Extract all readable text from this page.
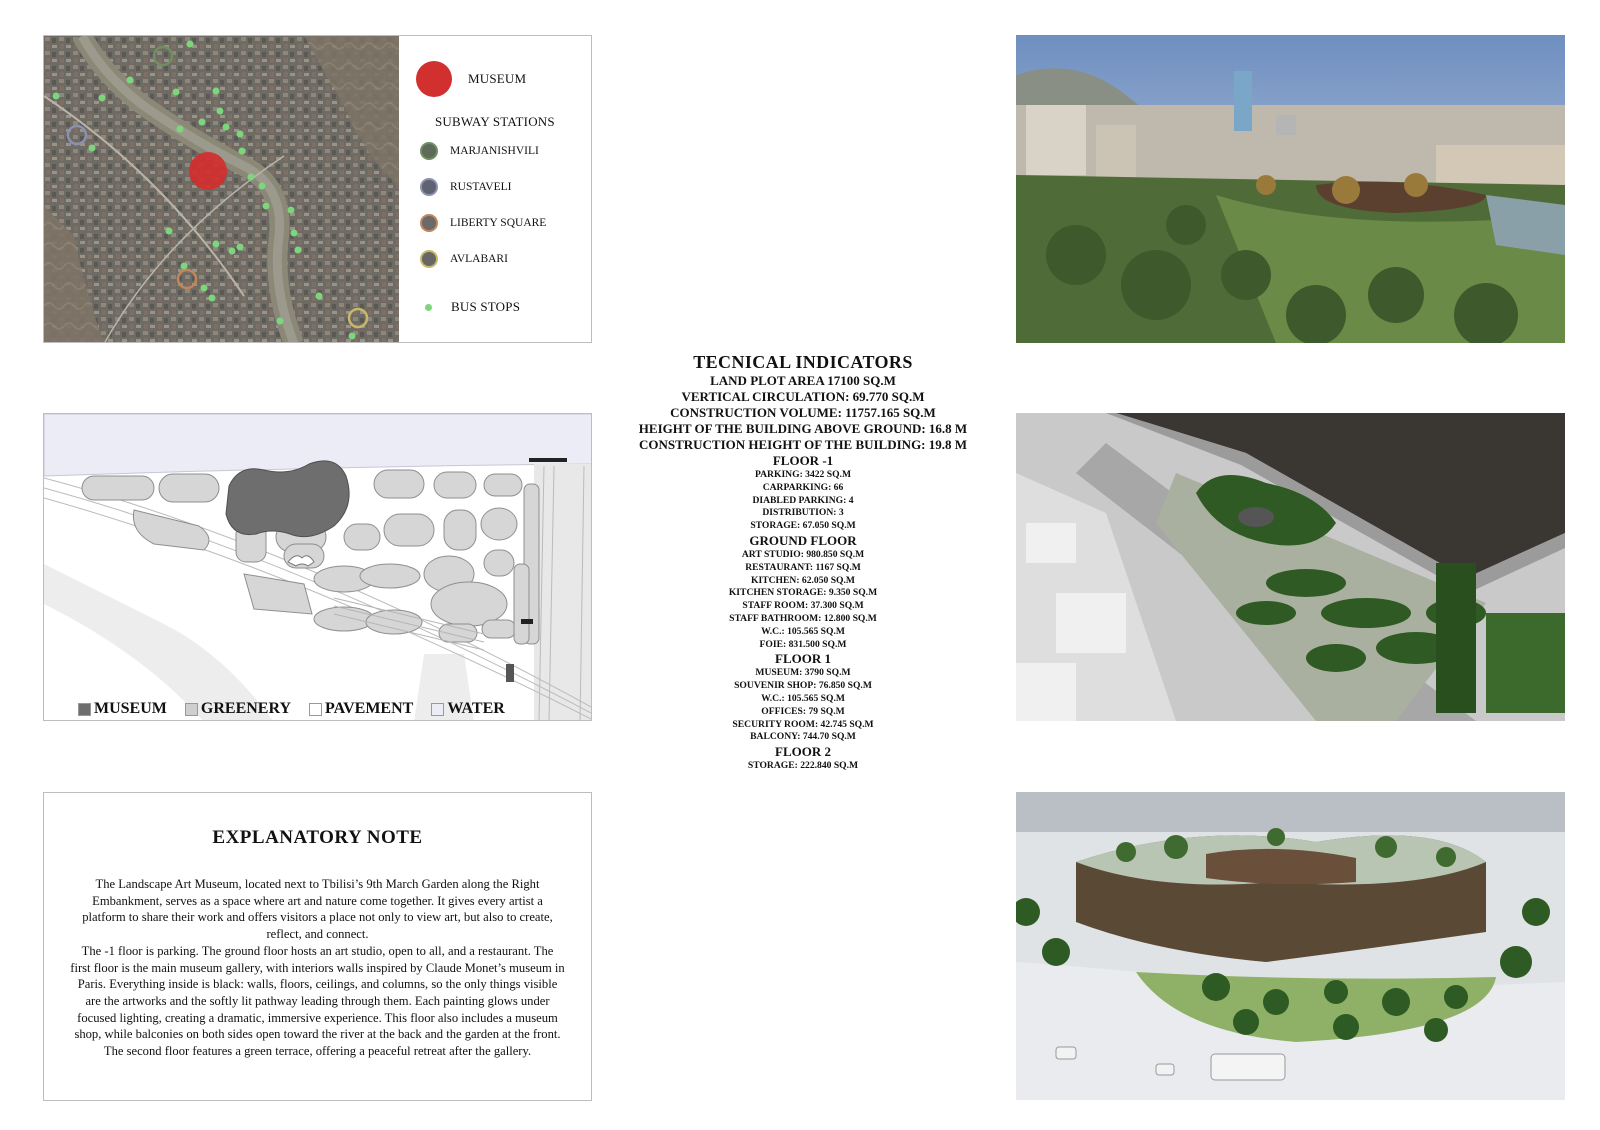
MUSEUM
SUBWAY STATIONS
MARJANISHVILI
RUSTAVELI
LIBERTY SQUARE
AVLABARI
BUS STOPS
MUSEUM GREENERY PAVEMENT WATER
EXPLANATORY NOTE

The Landscape Art Museum, located next to Tbilisi’s 9th March Garden along the Right Embankment, serves as a space where art and nature come together. It gives every artist a platform to share their work and offers visitors a place not only to view art, but also to create, reflect, and connect.

The -1 floor is parking. The ground floor hosts an art studio, open to all, and a restaurant. The first floor is the main museum gallery, with interiors walls inspired by Claude Monet’s museum in Paris. Everything inside is black: walls, floors, ceilings, and columns, so the only things visible are the artworks and the softly lit pathway leading through them. Each painting glows under focused lighting, creating a dramatic, immersive experience. This floor also includes a museum shop, while balconies on both sides open toward the river at the back and the garden at the front. The second floor features a green terrace, offering a peaceful retreat after the gallery.

TECNICAL INDICATORS
LAND PLOT AREA 17100 SQ.M
VERTICAL CIRCULATION: 69.770 SQ.M
CONSTRUCTION VOLUME: 11757.165 SQ.M
HEIGHT OF THE BUILDING ABOVE GROUND: 16.8 M
CONSTRUCTION HEIGHT OF THE BUILDING: 19.8 M
FLOOR -1
PARKING: 3422 SQ.M
CARPARKING: 66
DIABLED PARKING: 4
DISTRIBUTION: 3
STORAGE: 67.050 SQ.M
GROUND FLOOR
ART STUDIO: 980.850 SQ.M
RESTAURANT: 1167 SQ.M
KITCHEN: 62.050 SQ.M
KITCHEN STORAGE: 9.350 SQ.M
STAFF ROOM: 37.300 SQ.M
STAFF BATHROOM: 12.800 SQ.M
W.C.: 105.565 SQ.M
FOIE: 831.500 SQ.M
FLOOR 1
MUSEUM: 3790 SQ.M
SOUVENIR SHOP: 76.850 SQ.M
W.C.: 105.565 SQ.M
OFFICES: 79 SQ.M
SECURITY ROOM: 42.745 SQ.M
BALCONY: 744.70 SQ.M
FLOOR 2
STORAGE: 222.840 SQ.M
